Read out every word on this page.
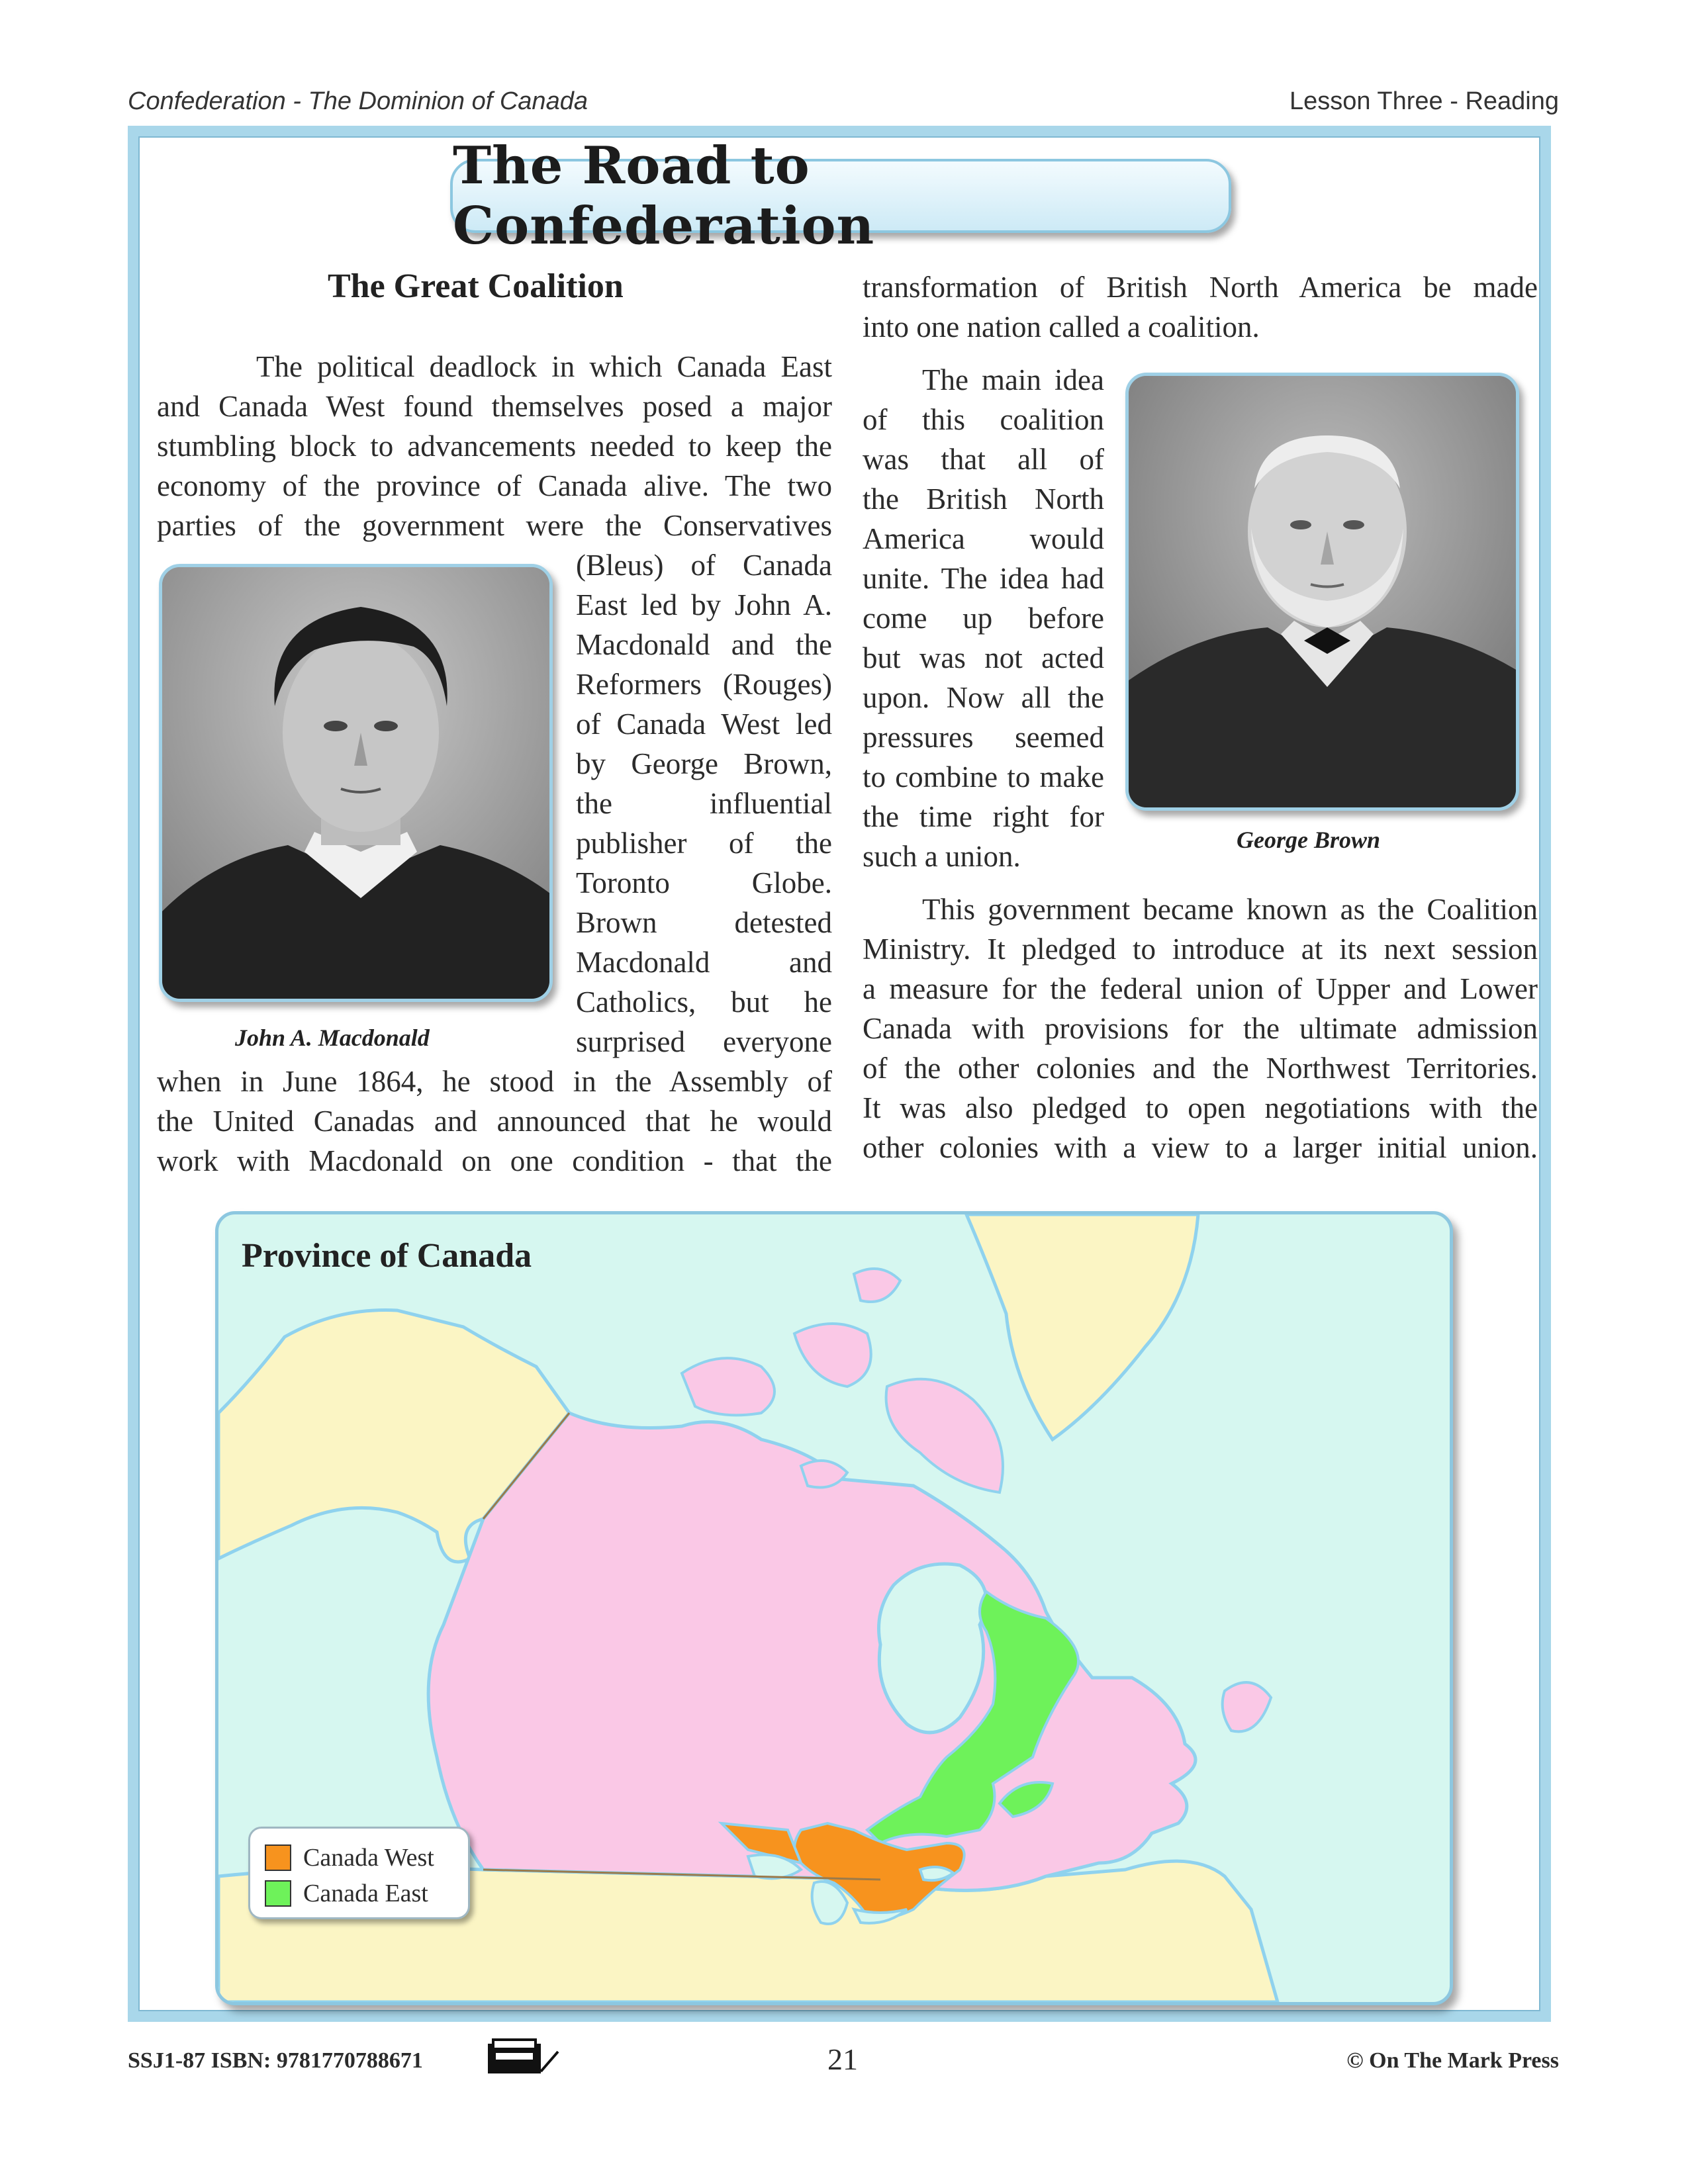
Confederation - The Dominion of Canada	Lesson Three - Reading
The Road to Confederation
The Great Coalition
The political deadlock in which Canada East
and Canada West found themselves posed a major
stumbling block to advancements needed to keep the
economy of the province of Canada alive. The two
parties of the government were the Conservatives
John A. Macdonald
(Bleus) of Canada
East led by John A.
Macdonald and the
Reformers (Rouges)
of Canada West led
by George Brown,
the influential
publisher of the
Toronto Globe.
Brown detested
Macdonald and
Catholics, but he
surprised everyone
when in June 1864, he stood in the Assembly of
the United Canadas and announced that he would
work with Macdonald on one condition - that the
transformation of British North America be made
into one nation called a coalition.
The main idea
of this coalition
was that all of
the British North
America would
unite. The idea had
come up before
but was not acted
upon. Now all the
pressures seemed
to combine to make
the time right for
such a union.	George Brown
This government became known as the Coalition
Ministry. It pledged to introduce at its next session
a measure for the federal union of Upper and Lower
Canada with provisions for the ultimate admission
of the other colonies and the Northwest Territories.
It was also pledged to open negotiations with the
other colonies with a view to a larger initial union.
Province of Canada
Canada West
Canada East
SSJ1-87 ISBN: 9781770788671	21	© On The Mark Press
